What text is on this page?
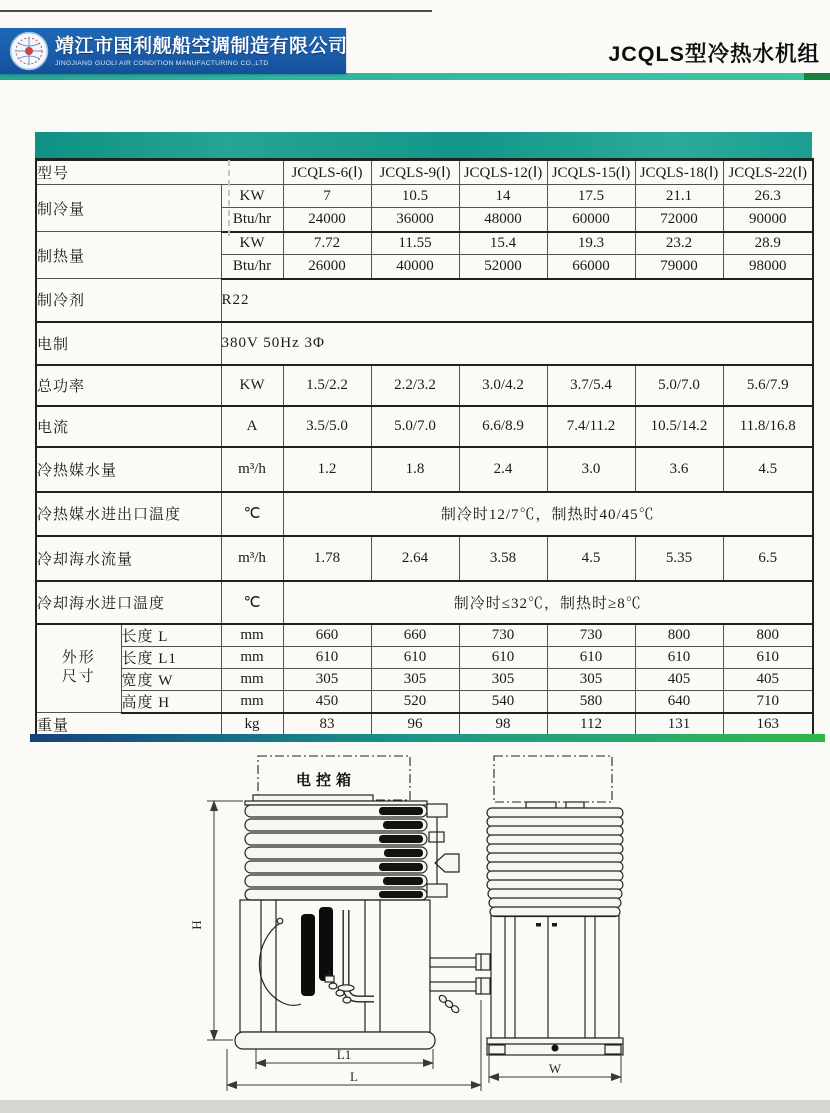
靖江市国利舰船空调制造有限公司
JINGJIANG GUOLI AIR CONDITION MANUFACTURING CO.,LTD	JCQLS型冷热水机组
型号			JCQLS-6(Ⅰ)	JCQLS-9(Ⅰ)	JCQLS-12(Ⅰ)	JCQLS-15(Ⅰ)	JCQLS-18(Ⅰ)	JCQLS-22(Ⅰ)
制冷量		KW	7	10.5	14	17.5	21.1	26.3
		Btu/hr	24000	36000	48000	60000	72000	90000
制热量		KW	7.72	11.55	15.4	19.3	23.2	28.9
		Btu/hr	26000	40000	52000	66000	79000	98000
制冷剂		R22						
电制		380V 50Hz 3Φ						
总功率		KW	1.5/2.2	2.2/3.2	3.0/4.2	3.7/5.4	5.0/7.0	5.6/7.9
电流		A	3.5/5.0	5.0/7.0	6.6/8.9	7.4/11.2	10.5/14.2	11.8/16.8
冷热媒水量		m³/h	1.2	1.8	2.4	3.0	3.6	4.5
冷热媒水进出口温度		℃	制冷时12/7℃，制热时40/45℃					
冷却海水流量		m³/h	1.78	2.64	3.58	4.5	5.35	6.5
冷却海水进口温度		℃	制冷时≤32℃，制热时≥8℃					
外形尺寸	长度 L	mm	660	660	730	730	800	800
	长度 L1	mm	610	610	610	610	610	610
	宽度 W	mm	305	305	305	305	405	405
	高度 H	mm	450	520	540	580	640	710
重量		kg	83	96	98	112	131	163
电控箱
H
L1
L
W
